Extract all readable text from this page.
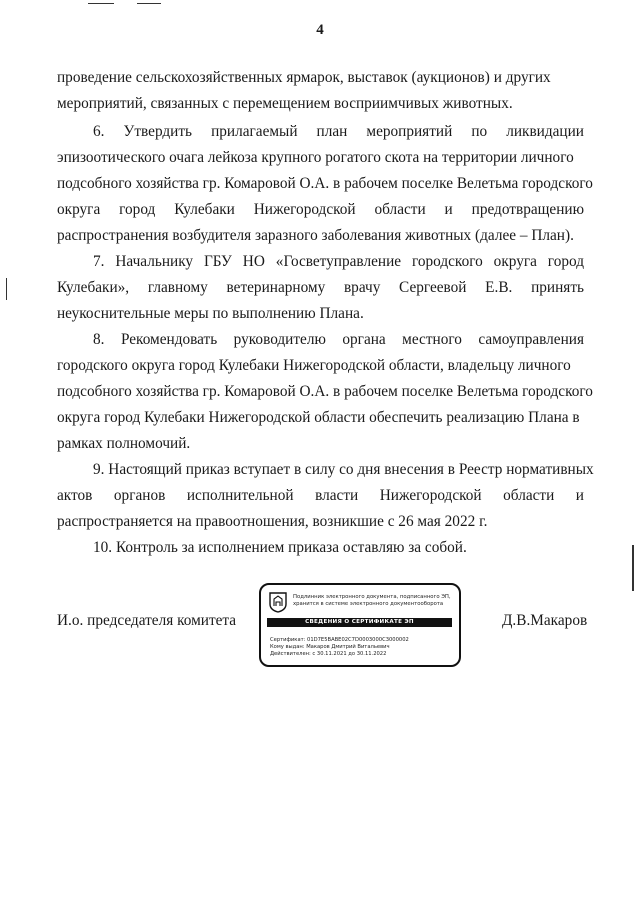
4
проведение сельскохозяйственных ярмарок, выставок (аукционов) и других
мероприятий, связанных с перемещением восприимчивых животных.
6. Утвердить прилагаемый план мероприятий по ликвидации
эпизоотического очага лейкоза крупного рогатого скота на территории личного
подсобного хозяйства гр. Комаровой О.А. в рабочем поселке Велетьма городского
округа город Кулебаки Нижегородской области и предотвращению
распространения возбудителя заразного заболевания животных (далее – План).
7. Начальнику ГБУ НО «Госветуправление городского округа город
Кулебаки», главному ветеринарному врачу Сергеевой Е.В. принять
неукоснительные меры по выполнению Плана.
8. Рекомендовать руководителю органа местного самоуправления
городского округа город Кулебаки Нижегородской области, владельцу личного
подсобного хозяйства гр. Комаровой О.А. в рабочем поселке Велетьма городского
округа город Кулебаки Нижегородской области обеспечить реализацию Плана в
рамках полномочий.
9. Настоящий приказ вступает в силу со дня внесения в Реестр нормативных
актов органов исполнительной власти Нижегородской области и
распространяется на правоотношения, возникшие с 26 мая 2022 г.
10. Контроль за исполнением приказа оставляю за собой.
И.о. председателя комитета	Д.В.Макаров
Подлинник электронного документа, подписанного ЭП,
хранится в системе электронного документооборота
СВЕДЕНИЯ О СЕРТИФИКАТЕ ЭП
Сертификат: 01D7E5BABE02C7D0003000C3000002
Кому выдан: Макаров Дмитрий Витальевич
Действителен: с 30.11.2021 до 30.11.2022
